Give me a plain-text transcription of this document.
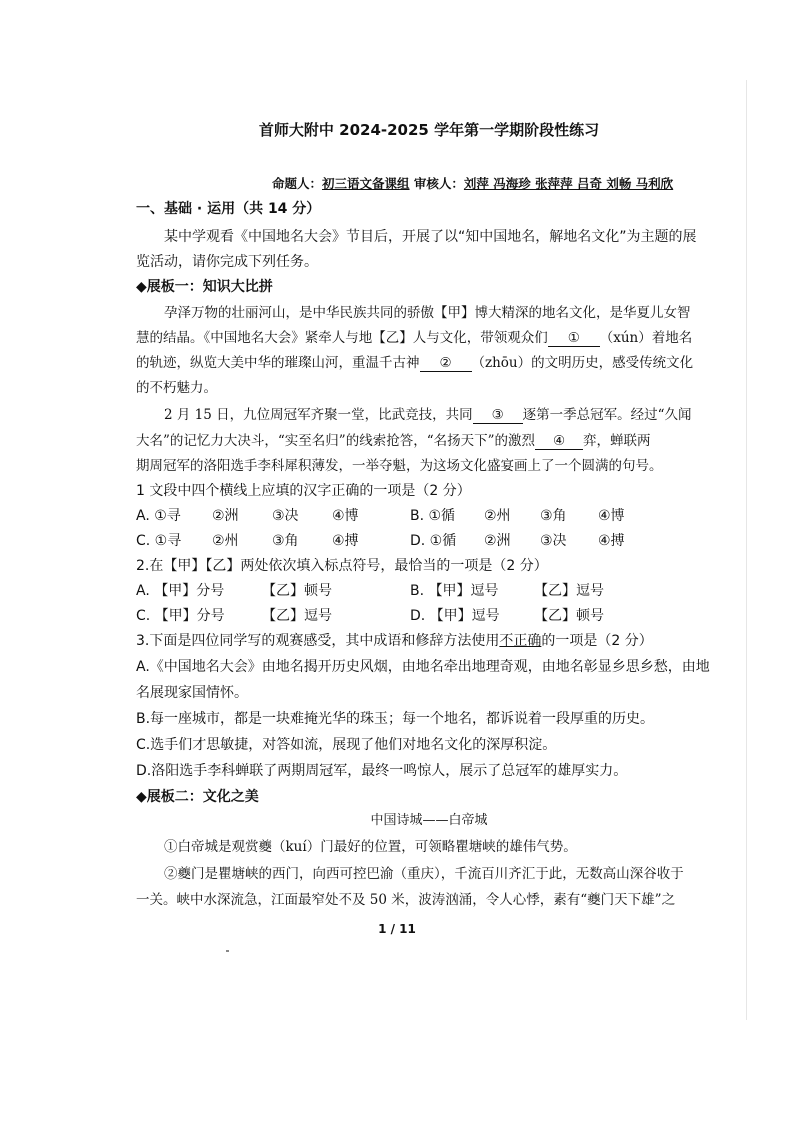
首师大附中 2024-2025 学年第一学期阶段性练习
命题人：初三语文备课组 审核人：刘萍 冯海珍 张萍萍 吕奇 刘畅 马利欣
一、基础 · 运用（共 14 分）
某中学观看《中国地名大会》节目后，开展了以“知中国地名，解地名文化”为主题的展
览活动，请你完成下列任务。
◆展板一：知识大比拼
孕泽万物的壮丽河山，是中华民族共同的骄傲【甲】博大精深的地名文化，是华夏儿女智
慧的结晶。《中国地名大会》紧牵人与地【乙】人与文化，带领观众们 ① （xún）着地名
的轨迹，纵览大美中华的璀璨山河，重温千古神 ② （zhōu）的文明历史，感受传统文化
的不朽魅力。
2 月 15 日，九位周冠军齐聚一堂，比武竞技，共同 ③ 逐第一季总冠军。经过“久闻
大名”的记忆力大决斗，“实至名归”的线索抢答，“名扬天下”的激烈 ④ 弈，蝉联两
期周冠军的洛阳选手李科犀积薄发，一举夺魁，为这场文化盛宴画上了一个圆满的句号。
1 文段中四个横线上应填的汉字正确的一项是（2 分）
A. ①寻 ②洲 ③决 ④博	B. ①循 ②州 ③角 ④博
C. ①寻 ②州 ③角 ④搏	D. ①循 ②洲 ③决 ④搏
2.在【甲】【乙】两处依次填入标点符号，最恰当的一项是（2 分）
A. 【甲】分号	【乙】顿号	B. 【甲】逗号	【乙】逗号
C. 【甲】分号	【乙】逗号	D. 【甲】逗号 【乙】顿号
3.下面是四位同学写的观赛感受，其中成语和修辞方法使用不正确的一项是（2 分）
A.《中国地名大会》由地名揭开历史风烟，由地名牵出地理奇观，由地名彰显乡思乡愁，由地
名展现家国情怀。
B.每一座城市，都是一块难掩光华的珠玉；每一个地名，都诉说着一段厚重的历史。
C.选手们才思敏捷，对答如流，展现了他们对地名文化的深厚积淀。
D.洛阳选手李科蝉联了两期周冠军，最终一鸣惊人，展示了总冠军的雄厚实力。
◆展板二：文化之美
中国诗城——白帝城
①白帝城是观赏夔（kuí）门最好的位置，可领略瞿塘峡的雄伟气势。
②夔门是瞿塘峡的西门，向西可控巴渝（重庆），千流百川齐汇于此，无数高山深谷收于
一关。峡中水深流急，江面最窄处不及 50 米，波涛汹涌，令人心悸，素有“夔门天下雄”之
1 / 11
